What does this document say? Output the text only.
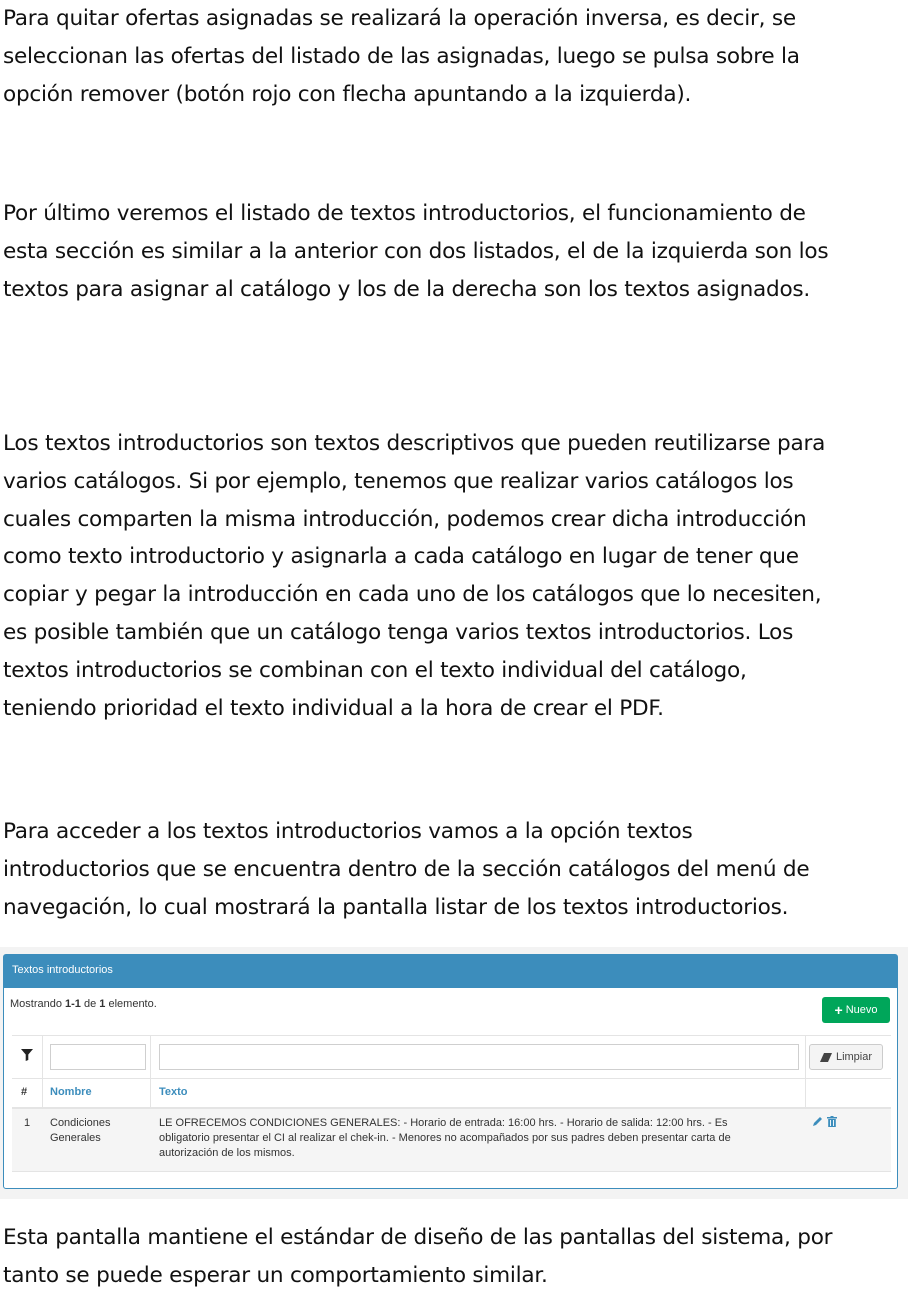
Para quitar ofertas asignadas se realizará la operación inversa, es decir, se
seleccionan las ofertas del listado de las asignadas, luego se pulsa sobre la
opción remover (botón rojo con flecha apuntando a la izquierda).

Por último veremos el listado de textos introductorios, el funcionamiento de
esta sección es similar a la anterior con dos listados, el de la izquierda son los
textos para asignar al catálogo y los de la derecha son los textos asignados.

Los textos introductorios son textos descriptivos que pueden reutilizarse para
varios catálogos. Si por ejemplo, tenemos que realizar varios catálogos los
cuales comparten la misma introducción, podemos crear dicha introducción
como texto introductorio y asignarla a cada catálogo en lugar de tener que
copiar y pegar la introducción en cada uno de los catálogos que lo necesiten,
es posible también que un catálogo tenga varios textos introductorios. Los
textos introductorios se combinan con el texto individual del catálogo,
teniendo prioridad el texto individual a la hora de crear el PDF.

Para acceder a los textos introductorios vamos a la opción textos
introductorios que se encuentra dentro de la sección catálogos del menú de
navegación, lo cual mostrará la pantalla listar de los textos introductorios.

Textos introductorios
Mostrando 1-1 de 1 elemento.	+ Nuevo
Limpiar
# Nombre	Texto
1 Condiciones
Generales
LE OFRECEMOS CONDICIONES GENERALES: - Horario de entrada: 16:00 hrs. - Horario de salida: 12:00 hrs. - Es
obligatorio presentar el CI al realizar el chek-in. - Menores no acompañados por sus padres deben presentar carta de
autorización de los mismos.

Esta pantalla mantiene el estándar de diseño de las pantallas del sistema, por
tanto se puede esperar un comportamiento similar.
